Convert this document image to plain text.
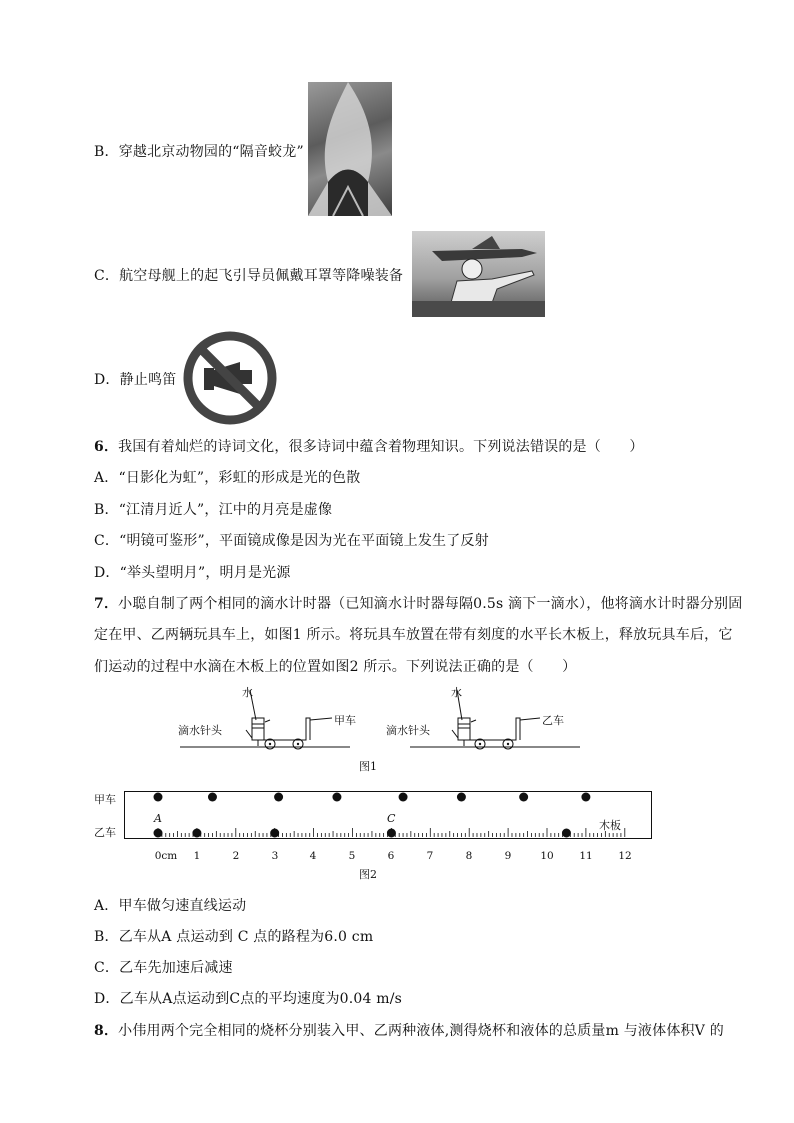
B．穿越北京动物园的“隔音蛟龙”
C．航空母舰上的起飞引导员佩戴耳罩等降噪装备
D．静止鸣笛
6．我国有着灿烂的诗词文化，很多诗词中蕴含着物理知识。下列说法错误的是（　　）
A．“日影化为虹”，彩虹的形成是光的色散
B．“江清月近人”，江中的月亮是虚像
C．“明镜可鉴形”，平面镜成像是因为光在平面镜上发生了反射
D．“举头望明月”，明月是光源
7．小聪自制了两个相同的滴水计时器（已知滴水计时器每隔0.5s 滴下一滴水），他将滴水计时器分别固
定在甲、乙两辆玩具车上，如图1 所示。将玩具车放置在带有刻度的水平长木板上，释放玩具车后，它
们运动的过程中水滴在木板上的位置如图2 所示。下列说法正确的是（　　）
水	水
滴水针头	滴水针头
甲车	乙车
图1
甲车
乙车
A	C
木板
0cm 1	2	3	4	5	6	7	8	9	10 11 12
图2
A．甲车做匀速直线运动
B．乙车从A 点运动到 C 点的路程为6.0 cm
C．乙车先加速后减速
D．乙车从A点运动到C点的平均速度为0.04 m/s
8．小伟用两个完全相同的烧杯分别装入甲、乙两种液体,测得烧杯和液体的总质量m 与液体体积V 的
